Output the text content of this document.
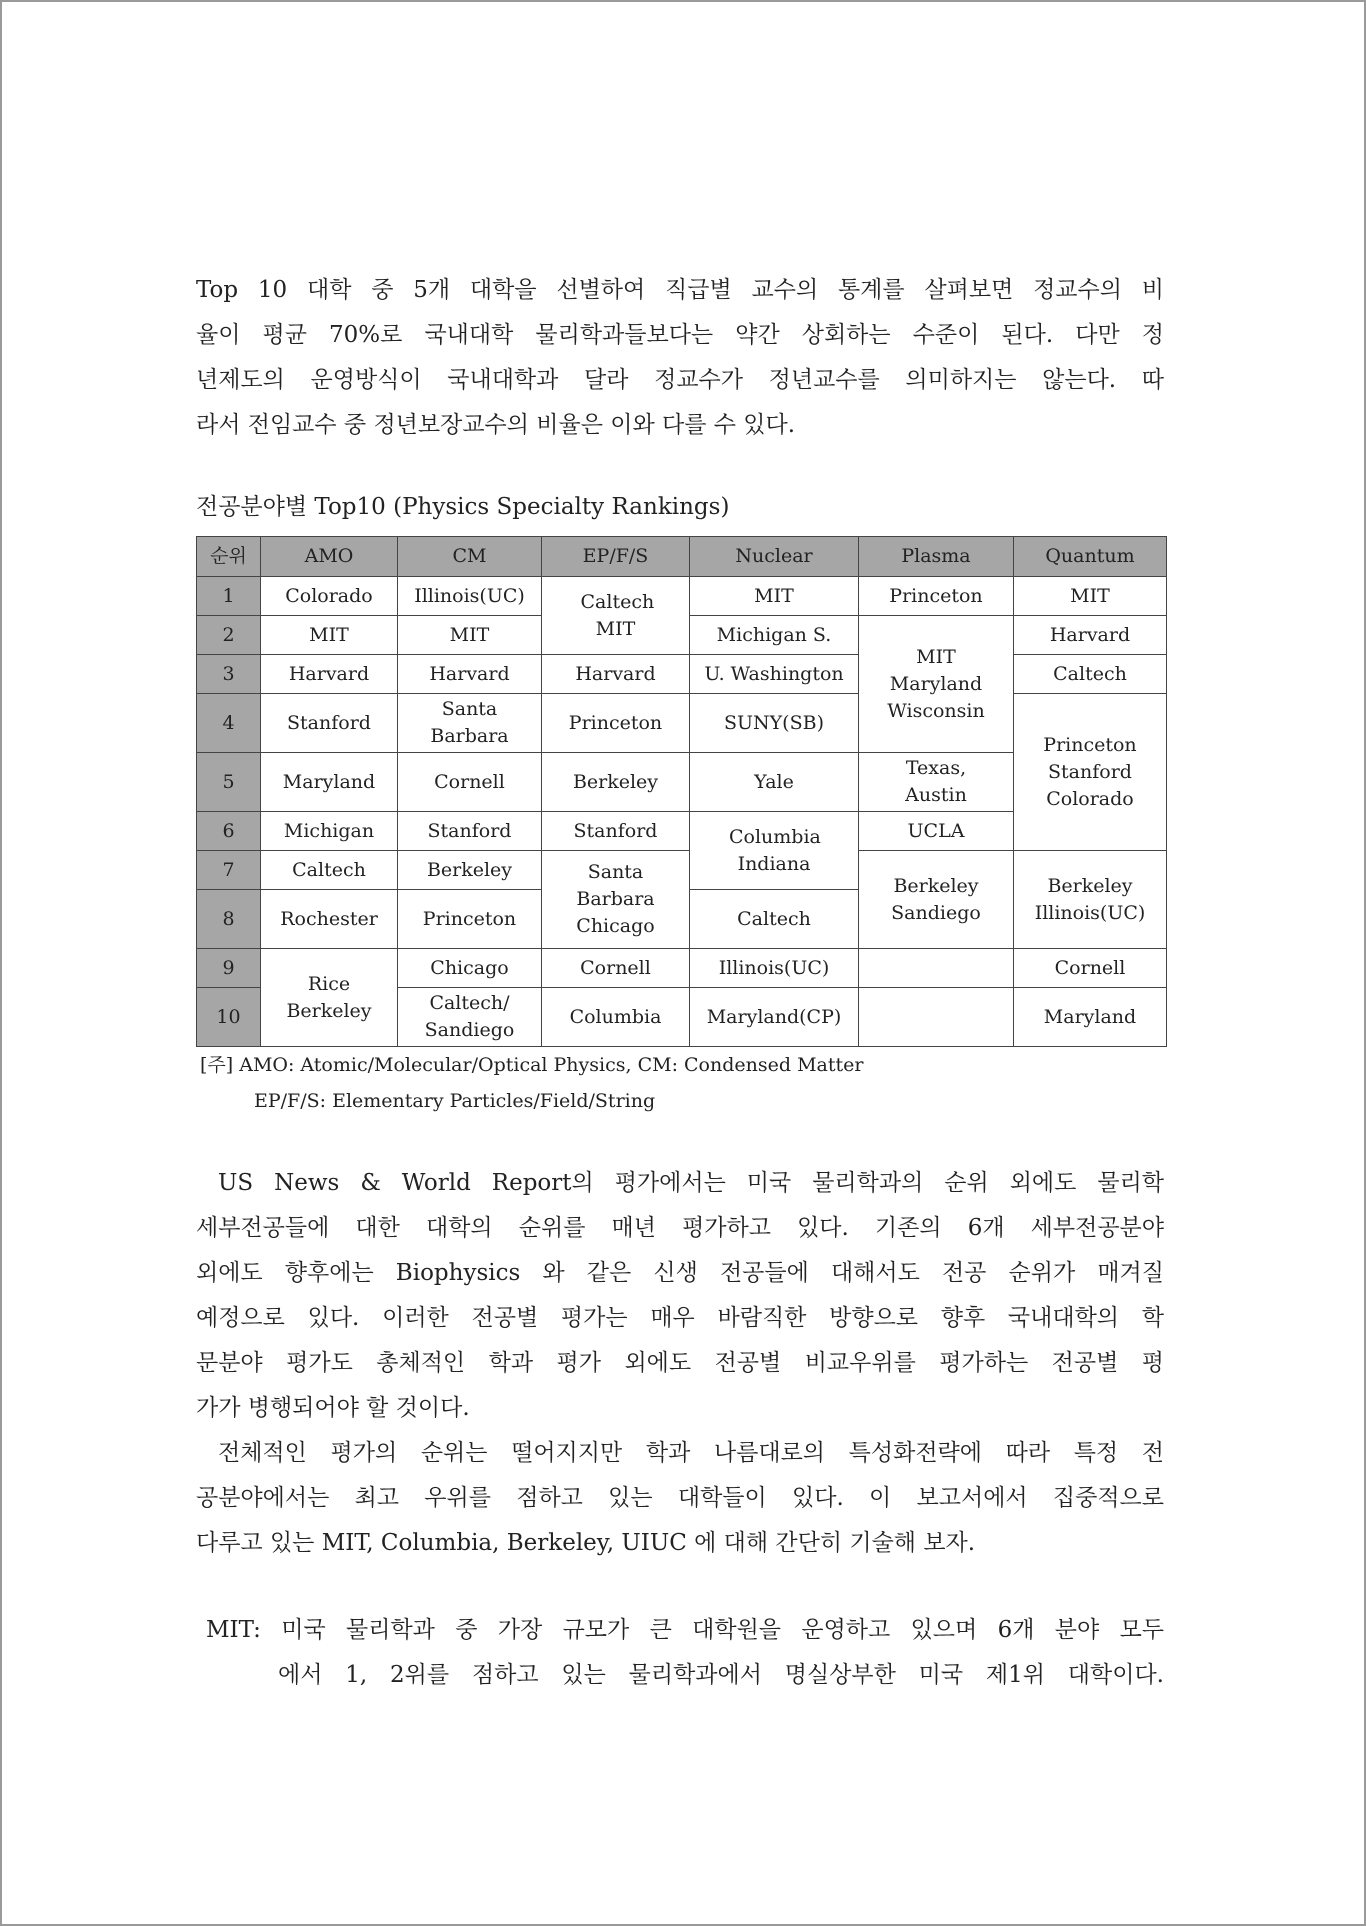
Top 10 대학 중 5개 대학을 선별하여 직급별 교수의 통계를 살펴보면 정교수의 비
율이 평균 70%로 국내대학 물리학과들보다는 약간 상회하는 수준이 된다. 다만 정
년제도의 운영방식이 국내대학과 달라 정교수가 정년교수를 의미하지는 않는다. 따
라서 전임교수 중 정년보장교수의 비율은 이와 다를 수 있다.

전공분야별 Top10 (Physics Specialty Rankings)

순위	AMO	CM	EP/F/S	Nuclear	Plasma	Quantum
1	Colorado	Illinois(UC)	Caltech MIT	MIT	Princeton	MIT
2	MIT	MIT		Michigan S.	MIT Maryland Wisconsin	Harvard
3	Harvard	Harvard	Harvard	U. Washington		Caltech
4	Stanford	Santa Barbara	Princeton	SUNY(SB)		Princeton Stanford Colorado
5	Maryland	Cornell	Berkeley	Yale	Texas, Austin	
6	Michigan	Stanford	Stanford	Columbia Indiana	UCLA	
7	Caltech	Berkeley	Santa Barbara Chicago		Berkeley Sandiego	Berkeley Illinois(UC)
8	Rochester	Princeton		Caltech		
9	Rice Berkeley	Chicago	Cornell	Illinois(UC)		Cornell
10		Caltech/ Sandiego	Columbia	Maryland(CP)		Maryland

[주] AMO: Atomic/Molecular/Optical Physics, CM: Condensed Matter
EP/F/S: Elementary Particles/Field/String

US News & World Report의 평가에서는 미국 물리학과의 순위 외에도 물리학
세부전공들에 대한 대학의 순위를 매년 평가하고 있다. 기존의 6개 세부전공분야
외에도 향후에는 Biophysics 와 같은 신생 전공들에 대해서도 전공 순위가 매겨질
예정으로 있다. 이러한 전공별 평가는 매우 바람직한 방향으로 향후 국내대학의 학
문분야 평가도 총체적인 학과 평가 외에도 전공별 비교우위를 평가하는 전공별 평
가가 병행되어야 할 것이다.

전체적인 평가의 순위는 떨어지지만 학과 나름대로의 특성화전략에 따라 특정 전
공분야에서는 최고 우위를 점하고 있는 대학들이 있다. 이 보고서에서 집중적으로
다루고 있는 MIT, Columbia, Berkeley, UIUC 에 대해 간단히 기술해 보자.

MIT: 미국 물리학과 중 가장 규모가 큰 대학원을 운영하고 있으며 6개 분야 모두
에서 1, 2위를 점하고 있는 물리학과에서 명실상부한 미국 제1위 대학이다.
